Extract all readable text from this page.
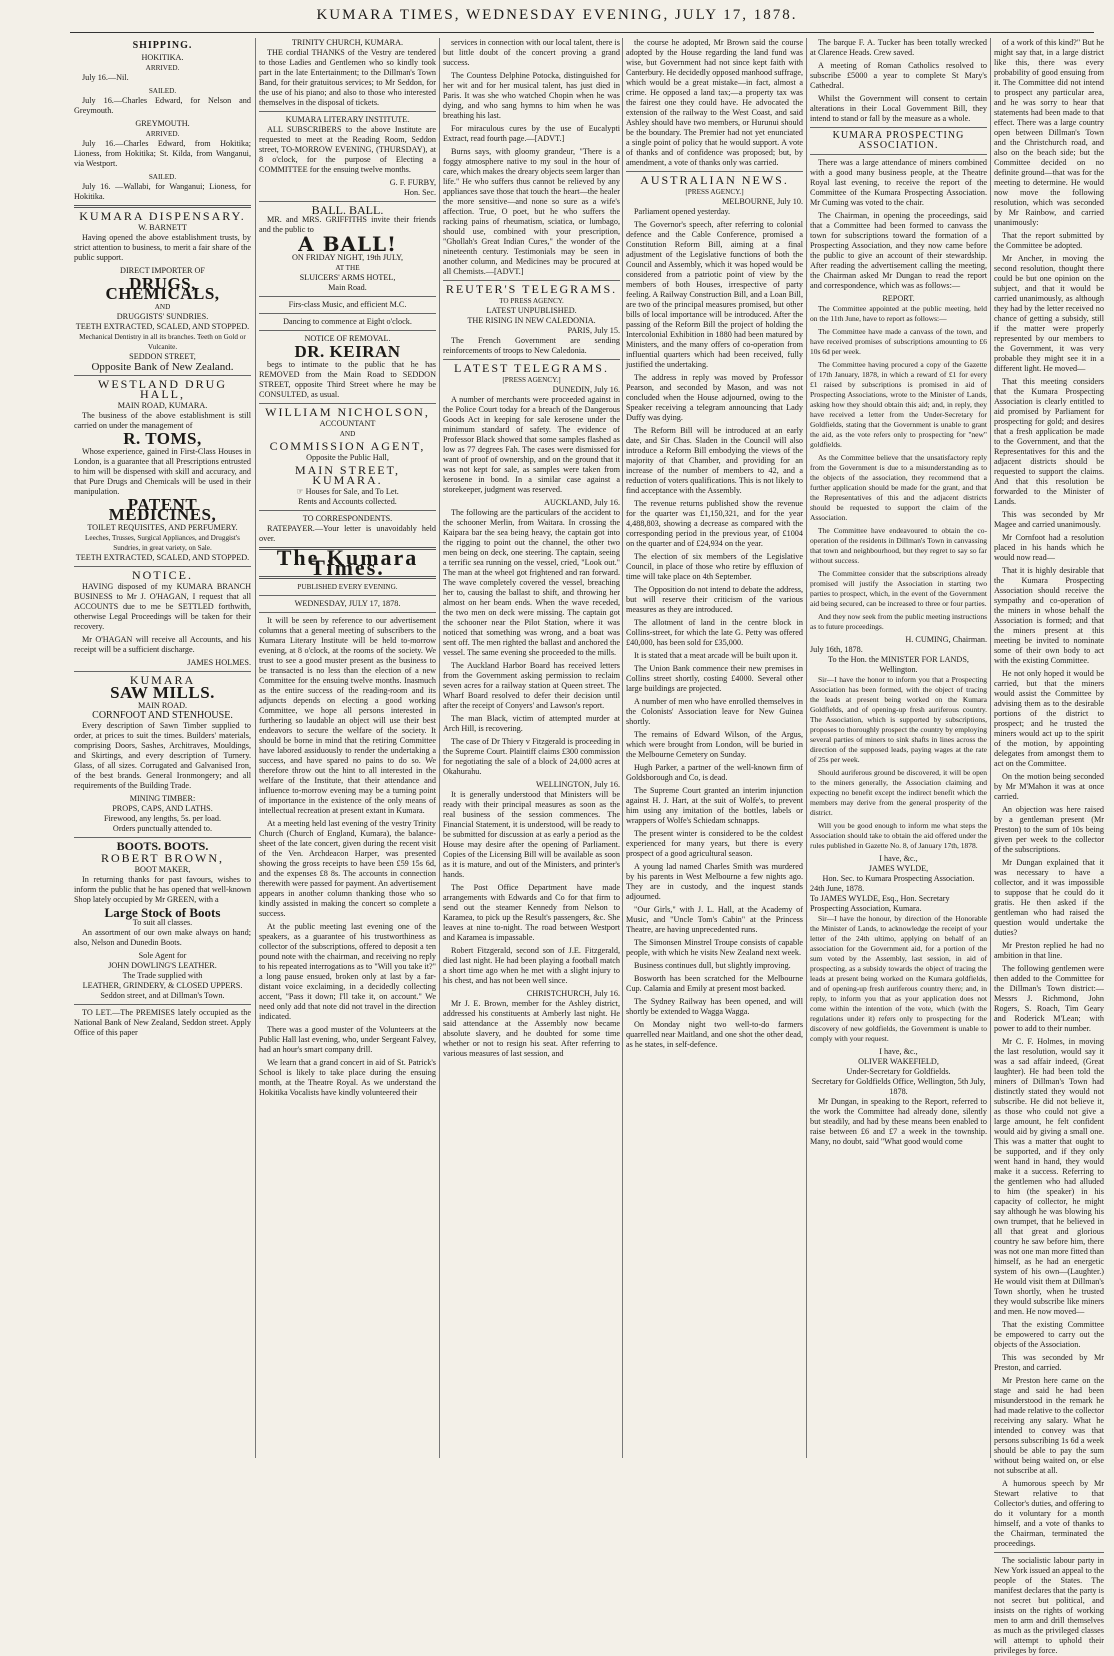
KUMARA TIMES, WEDNESDAY EVENING, JULY 17, 1878.
SHIPPING.
HOKITIKA.
ARRIVED.

July 16.—Nil.

SAILED.

July 16.—Charles Edward, for Nelson and Greymouth.

GREYMOUTH.
ARRIVED.

July 16.—Charles Edward, from Hokitika; Lioness, from Hokitika; St. Kilda, from Wanganui, via Westport.

SAILED.

July 16. —Wallabi, for Wanganui; Lioness, for Hokitika.

KUMARA DISPENSARY.
W. BARNETT

Having opened the above establishment trusts, by strict attention to business, to merit a fair share of the public support.

DIRECT IMPORTER OF
DRUGS, CHEMICALS,
AND
DRUGGISTS' SUNDRIES.
TEETH EXTRACTED, SCALED, AND STOPPED.
Mechanical Dentistry in all its branches. Teeth on Gold or Vulcanite.
SEDDON STREET,
Opposite Bank of New Zealand.
WESTLAND DRUG HALL,
MAIN ROAD, KUMARA.

The business of the above establishment is still carried on under the management of

R. TOMS,

Whose experience, gained in First-Class Houses in London, is a guarantee that all Prescriptions entrusted to him will be dispensed with skill and accuracy, and that Pure Drugs and Chemicals will be used in their manipulation.

PATENT MEDICINES,
TOILET REQUISITES, AND PERFUMERY.
Leeches, Trusses, Surgical Appliances, and Druggist's Sundries, in great variety, on Sale.
TEETH EXTRACTED, SCALED, AND STOPPED.
NOTICE.

HAVING disposed of my KUMARA BRANCH BUSINESS to Mr J. O'HAGAN, I request that all ACCOUNTS due to me be SETTLED forthwith, otherwise Legal Proceedings will be taken for their recovery.

Mr O'HAGAN will receive all Accounts, and his receipt will be a sufficient discharge.

JAMES HOLMES.
KUMARA
SAW MILLS.
MAIN ROAD.
CORNFOOT AND STENHOUSE.

Every description of Sawn Timber supplied to order, at prices to suit the times. Builders' materials, comprising Doors, Sashes, Architraves, Mouldings, and Skirtings, and every description of Turnery. Glass, of all sizes. Corrugated and Galvanised Iron, of the best brands. General Ironmongery; and all requirements of the Building Trade.

MINING TIMBER:
PROPS, CAPS, AND LATHS.
Firewood, any lengths, 5s. per load.
Orders punctually attended to.
BOOTS. BOOTS.
ROBERT BROWN,
BOOT MAKER,

In returning thanks for past favours, wishes to inform the public that he has opened that well-known Shop lately occupied by Mr GREEN, with a

Large Stock of Boots
To suit all classes.

An assortment of our own make always on hand; also, Nelson and Dunedin Boots.

Sole Agent for
JOHN DOWLING'S LEATHER.
The Trade supplied with
LEATHER, GRINDERY, & CLOSED UPPERS.
Seddon street, and at Dillman's Town.

TO LET.—The PREMISES lately occupied as the National Bank of New Zealand, Seddon street. Apply Office of this paper

TRINITY CHURCH, KUMARA.

THE cordial THANKS of the Vestry are tendered to those Ladies and Gentlemen who so kindly took part in the late Entertainment; to the Dillman's Town Band, for their gratuitous services; to Mr Seddon, for the use of his piano; and also to those who interested themselves in the disposal of tickets.

KUMARA LITERARY INSTITUTE.

ALL SUBSCRIBERS to the above Institute are requested to meet at the Reading Room, Seddon street, TO-MORROW EVENING, (THURSDAY), at 8 o'clock, for the purpose of Electing a COMMITTEE for the ensuing twelve months.

G. F. FURBY,
Hon. Sec.
BALL. BALL.

MR. and MRS. GRIFFITHS invite their friends and the public to

A BALL!
ON FRIDAY NIGHT, 19th JULY,
AT THE
SLUICERS' ARMS HOTEL,
Main Road.
Firs-class Music, and efficient M.C.
Dancing to commence at Eight o'clock.
NOTICE OF REMOVAL.
DR. KEIRAN

begs to intimate to the public that he has REMOVED from the Main Road to SEDDON STREET, opposite Third Street where he may be CONSULTED, as usual.

WILLIAM NICHOLSON,
ACCOUNTANT
AND
COMMISSION AGENT,
Opposite the Public Hall,
MAIN STREET, KUMARA.
☞ Houses for Sale, and To Let.
Rents and Accounts collected.
TO CORRESPONDENTS.

RATEPAYER.—Your letter is unavoidably held over.

The Kumara Times.
PUBLISHED EVERY EVENING.
WEDNESDAY, JULY 17, 1878.

It will be seen by reference to our advertisement columns that a general meeting of subscribers to the Kumara Literary Institute will be held to-morrow evening, at 8 o'clock, at the rooms of the society. We trust to see a good muster present as the business to be transacted is no less than the election of a new Committee for the ensuing twelve months. Inasmuch as the entire success of the reading-room and its adjuncts depends on electing a good working Committee, we hope all persons interested in furthering so laudable an object will use their best endeavors to secure the welfare of the society. It should be borne in mind that the retiring Committee have labored assiduously to render the undertaking a success, and have spared no pains to do so. We therefore throw out the hint to all interested in the welfare of the Institute, that their attendance and influence to-morrow evening may be a turning point of importance in the existence of the only means of intellectual recreation at present extant in Kumara.

At a meeting held last evening of the vestry Trinity Church (Church of England, Kumara), the balance-sheet of the late concert, given during the recent visit of the Ven. Archdeacon Harper, was presented showing the gross receipts to have been £59 15s 6d, and the expenses £8 8s. The accounts in connection therewith were passed for payment. An advertisement appears in another column thanking those who so kindly assisted in making the concert so complete a success.

At the public meeting last evening one of the speakers, as a guarantee of his trustworthiness as collector of the subscriptions, offered to deposit a ten pound note with the chairman, and receiving no reply to his repeated interrogations as to "Will you take it?" a long pause ensued, broken only at last by a far-distant voice exclaiming, in a decidedly collecting accent, "Pass it down; I'll take it, on account." We need only add that note did not travel in the direction indicated.

There was a good muster of the Volunteers at the Public Hall last evening, who, under Sergeant Falvey, had an hour's smart company drill.

We learn that a grand concert in aid of St. Patrick's School is likely to take place during the ensuing month, at the Theatre Royal. As we understand the Hokitika Vocalists have kindly volunteered their

services in connection with our local talent, there is but little doubt of the concert proving a grand success.

The Countess Delphine Potocka, distinguished for her wit and for her musical talent, has just died in Paris. It was she who watched Chopin when he was dying, and who sang hymns to him when he was breathing his last.

For miraculous cures by the use of Eucalypti Extract, read fourth page.—[ADVT.]

Burns says, with gloomy grandeur, "There is a foggy atmosphere native to my soul in the hour of care, which makes the dreary objects seem larger than life." He who suffers thus cannot be relieved by any appliances save those that touch the heart—the healer the more sensitive—and none so sure as a wife's affection. True, O poet, but he who suffers the racking pains of rheumatism, sciatica, or lumbago, should use, combined with your prescription, "Ghollah's Great Indian Cures," the wonder of the nineteenth century. Testimonials may be seen in another column, and Medicines may be procured at all Chemists.—[ADVT.]

REUTER'S TELEGRAMS.
TO PRESS AGENCY.
LATEST UNPUBLISHED.
THE RISING IN NEW CALEDONIA.
PARIS, July 15.

The French Government are sending reinforcements of troops to New Caledonia.

LATEST TELEGRAMS.
[PRESS AGENCY.]
DUNEDIN, July 16.

A number of merchants were proceeded against in the Police Court today for a breach of the Dangerous Goods Act in keeping for sale kerosene under the minimum standard of safety. The evidence of Professor Black showed that some samples flashed as low as 77 degrees Fah. The cases were dismissed for want of proof of ownership, and on the ground that it was not kept for sale, as samples were taken from kerosene in bond. In a similar case against a storekeeper, judgment was reserved.

AUCKLAND, July 16.

The following are the particulars of the accident to the schooner Merlin, from Waitara. In crossing the Kaipara bar the sea being heavy, the captain got into the rigging to point out the channel, the other two men being on deck, one steering. The captain, seeing a terrific sea running on the vessel, cried, "Look out." The man at the wheel got frightened and ran forward. The wave completely covered the vessel, breaching her to, causing the ballast to shift, and throwing her almost on her beam ends. When the wave receded, the two men on deck were missing. The captain got the schooner near the Pilot Station, where it was noticed that something was wrong, and a boat was sent off. The men righted the ballast and anchored the vessel. The same evening she proceeded to the mills.

The Auckland Harbor Board has received letters from the Government asking permission to reclaim seven acres for a railway station at Queen street. The Wharf Board resolved to defer their decision until after the receipt of Conyers' and Lawson's report.

The man Black, victim of attempted murder at Arch Hill, is recovering.

The case of Dr Thiery v Fitzgerald is proceeding in the Supreme Court. Plaintiff claims £300 commission for negotiating the sale of a block of 24,000 acres at Okahurahu.

WELLINGTON, July 16.

It is generally understood that Ministers will be ready with their principal measures as soon as the real business of the session commences. The Financial Statement, it is understood, will be ready to be submitted for discussion at as early a period as the House may desire after the opening of Parliament. Copies of the Licensing Bill will be available as soon as it is mature, and out of the Ministers, and printer's hands.

The Post Office Department have made arrangements with Edwards and Co for that firm to send out the steamer Kennedy from Nelson to Karamea, to pick up the Result's passengers, &c. She leaves at nine to-night. The road between Westport and Karamea is impassable.

Robert Fitzgerald, second son of J.E. Fitzgerald, died last night. He had been playing a football match a short time ago when he met with a slight injury to his chest, and has not been well since.

CHRISTCHURCH, July 16.

Mr J. E. Brown, member for the Ashley district, addressed his constituents at Amberly last night. He said attendance at the Assembly now became absolute slavery, and he doubted for some time whether or not to resign his seat. After referring to various measures of last session, and

the course he adopted, Mr Brown said the course adopted by the House regarding the land fund was wise, but Government had not since kept faith with Canterbury. He decidedly opposed manhood suffrage, which would be a great mistake—in fact, almost a crime. He opposed a land tax;—a property tax was the fairest one they could have. He advocated the extension of the railway to the West Coast, and said Ashley should have two members, or Hurunui should be the boundary. The Premier had not yet enunciated a single point of policy that he would support. A vote of thanks and of confidence was proposed; but, by amendment, a vote of thanks only was carried.

AUSTRALIAN NEWS.
[PRESS AGENCY.]
MELBOURNE, July 10.

Parliament opened yesterday.

The Governor's speech, after referring to colonial defence and the Cable Conference, promised a Constitution Reform Bill, aiming at a final adjustment of the Legislative functions of both the Council and Assembly, which it was hoped would be considered from a patriotic point of view by the members of both Houses, irrespective of party feeling. A Railway Construction Bill, and a Loan Bill, are two of the principal measures promised, but other bills of local importance will be introduced. After the passing of the Reform Bill the project of holding the Intercolonial Exhibition in 1880 had been matured by Ministers, and the many offers of co-operation from influential quarters which had been received, fully justified the undertaking.

The address in reply was moved by Professor Pearson, and seconded by Mason, and was not concluded when the House adjourned, owing to the Speaker receiving a telegram announcing that Lady Duffy was dying.

The Reform Bill will be introduced at an early date, and Sir Chas. Sladen in the Council will also introduce a Reform Bill embodying the views of the majority of that Chamber, and providing for an increase of the number of members to 42, and a reduction of voters qualifications. This is not likely to find acceptance with the Assembly.

The revenue returns published show the revenue for the quarter was £1,150,321, and for the year 4,488,803, showing a decrease as compared with the corresponding period in the previous year, of £1004 on the quarter and of £24,934 on the year.

The election of six members of the Legislative Council, in place of those who retire by effluxion of time will take place on 4th September.

The Opposition do not intend to debate the address, but will reserve their criticism of the various measures as they are introduced.

The allotment of land in the centre block in Collins-street, for which the late G. Petty was offered £40,000, has been sold for £35,000.

It is stated that a meat arcade will be built upon it.

The Union Bank commence their new premises in Collins street shortly, costing £4000. Several other large buildings are projected.

A number of men who have enrolled themselves in the Colonists' Association leave for New Guinea shortly.

The remains of Edward Wilson, of the Argus, which were brought from London, will be buried in the Melbourne Cemetery on Sunday.

Hugh Parker, a partner of the well-known firm of Goldsborough and Co, is dead.

The Supreme Court granted an interim injunction against H. J. Hart, at the suit of Wolfe's, to prevent him using any imitation of the bottles, labels or wrappers of Wolfe's Schiedam schnapps.

The present winter is considered to be the coldest experienced for many years, but there is every prospect of a good agricultural season.

A young lad named Charles Smith was murdered by his parents in West Melbourne a few nights ago. They are in custody, and the inquest stands adjourned.

"Our Girls," with J. L. Hall, at the Academy of Music, and "Uncle Tom's Cabin" at the Princess Theatre, are having unprecedented runs.

The Simonsen Minstrel Troupe consists of capable people, with which he visits New Zealand next week.

Business continues dull, but slightly improving.

Bosworth has been scratched for the Melbourne Cup. Calamia and Emily at present most backed.

The Sydney Railway has been opened, and will shortly be extended to Wagga Wagga.

On Monday night two well-to-do farmers quarrelled near Maitland, and one shot the other dead, as he states, in self-defence.

The barque F. A. Tucker has been totally wrecked at Clarence Heads. Crew saved.

A meeting of Roman Catholics resolved to subscribe £5000 a year to complete St Mary's Cathedral.

Whilst the Government will consent to certain alterations in their Local Government Bill, they intend to stand or fall by the measure as a whole.

KUMARA PROSPECTING ASSOCIATION.

There was a large attendance of miners combined with a good many business people, at the Theatre Royal last evening, to receive the report of the Committee of the Kumara Prospecting Association. Mr Cuming was voted to the chair.

The Chairman, in opening the proceedings, said that a Committee had been formed to canvass the town for subscriptions toward the formation of a Prospecting Association, and they now came before the public to give an account of their stewardship. After reading the advertisement calling the meeting, the Chairman asked Mr Dungan to read the report and correspondence, which was as follows:—

REPORT.

The Committee appointed at the public meeting, held on the 11th June, have to report as follows:—

The Committee have made a canvass of the town, and have received promises of subscriptions amounting to £6 10s 6d per week.

The Committee having procured a copy of the Gazette of 17th January, 1878, in which a reward of £1 for every £1 raised by subscriptions is promised in aid of Prospecting Associations, wrote to the Minister of Lands, asking how they should obtain this aid; and, in reply, they have received a letter from the Under-Secretary for Goldfields, stating that the Government is unable to grant the aid, as the vote refers only to prospecting for "new" goldfields.

As the Committee believe that the unsatisfactory reply from the Government is due to a misunderstanding as to the objects of the association, they recommend that a further application should be made for the grant, and that the Representatives of this and the adjacent districts should be requested to support the claim of the Association.

The Committee have endeavoured to obtain the co-operation of the residents in Dillman's Town in canvassing that town and neighbourhood, but they regret to say so far without success.

The Committee consider that the subscriptions already promised will justify the Association in starting two parties to prospect, which, in the event of the Government aid being secured, can be increased to three or four parties.

And they now seek from the public meeting instructions as to future proceedings.

H. CUMING, Chairman.
July 16th, 1878.
To the Hon. the MINISTER FOR LANDS, Wellington.

Sir—I have the honor to inform you that a Prospecting Association has been formed, with the object of tracing the leads at present being worked on the Kumara Goldfields, and of opening-up fresh auriferous country. The Association, which is supported by subscriptions, proposes to thoroughly prospect the country by employing several parties of miners to sink shafts in lines across the direction of the supposed leads, paying wages at the rate of 25s per week.

Should auriferous ground be discovered, it will be open to the miners generally, the Association claiming and expecting no benefit except the indirect benefit which the members may derive from the general prosperity of the district.

Will you be good enough to inform me what steps the Association should take to obtain the aid offered under the rules published in Gazette No. 8, of January 17th, 1878.

I have, &c.,
JAMES WYLDE,
Hon. Sec. to Kumara Prospecting Association.
24th June, 1878.
To JAMES WYLDE, Esq., Hon. Secretary Prospecting Association, Kumara.

Sir—I have the honour, by direction of the Honorable the Minister of Lands, to acknowledge the receipt of your letter of the 24th ultimo, applying on behalf of an association for the Government aid, for a portion of the sum voted by the Assembly, last session, in aid of prospecting, as a subsidy towards the object of tracing the leads at present being worked on the Kumara goldfields, and of opening-up fresh auriferous country there; and, in reply, to inform you that as your application does not come within the intention of the vote, which (with the regulations under it) refers only to prospecting for the discovery of new goldfields, the Government is unable to comply with your request.

I have, &c.,
OLIVER WAKEFIELD,
Under-Secretary for Goldfields.
Secretary for Goldfields Office, Wellington, 5th July, 1878.

Mr Dungan, in speaking to the Report, referred to the work the Committee had already done, silently but steadily, and had by these means been enabled to raise between £6 and £7 a week in the township. Many, no doubt, said "What good would come

of a work of this kind?" But he might say that, in a large district like this, there was every probability of good ensuing from it. The Committee did not intend to prospect any particular area, and he was sorry to hear that statements had been made to that effect. There was a large country open between Dillman's Town and the Christchurch road, and also on the beach side; but the Committee decided on no definite ground—that was for the meeting to determine. He would now move the following resolution, which was seconded by Mr Rainbow, and carried unanimously:

That the report submitted by the Committee be adopted.

Mr Ancher, in moving the second resolution, thought there could be but one opinion on the subject, and that it would be carried unanimously, as although they had by the letter received no chance of getting a subsidy, still if the matter were properly represented by our members to the Government, it was very probable they might see it in a different light. He moved—

That this meeting considers that the Kumara Prospecting Association is clearly entitled to aid promised by Parliament for prospecting for gold; and desires that a fresh application be made to the Government, and that the Representatives for this and the adjacent districts should be requested to support the claims. And that this resolution be forwarded to the Minister of Lands.

This was seconded by Mr Magee and carried unanimously.

Mr Cornfoot had a resolution placed in his hands which he would now read—

That it is highly desirable that the Kumara Prospecting Association should receive the sympathy and co-operation of the miners in whose behalf the Association is formed; and that the miners present at this meeting be invited to nominate some of their own body to act with the existing Committee.

He not only hoped it would be carried, but that the miners would assist the Committee by advising them as to the desirable portions of the district to prospect; and he trusted the miners would act up to the spirit of the motion, by appointing delegates from amongst them to act on the Committee.

On the motion being seconded by Mr M'Mahon it was at once carried.

An objection was here raised by a gentleman present (Mr Preston) to the sum of 10s being given per week to the collector of the subscriptions.

Mr Dungan explained that it was necessary to have a collector, and it was impossible to suppose that he could do it gratis. He then asked if the gentleman who had raised the question would undertake the duties?

Mr Preston replied he had no ambition in that line.

The following gentlemen were then added to the Committee for the Dillman's Town district:—Messrs J. Richmond, John Rogers, S. Roach, Tim Geary and Roderick M'Lean; with power to add to their number.

Mr C. F. Holmes, in moving the last resolution, would say it was a sad affair indeed, (Great laughter). He had been told the miners of Dillman's Town had distinctly stated they would not subscribe. He did not believe it, as those who could not give a large amount, he felt confident would aid by giving a small one. This was a matter that ought to be supported, and if they only went hand in hand, they would make it a success. Referring to the gentlemen who had alluded to him (the speaker) in his capacity of collector, he might say although he was blowing his own trumpet, that he believed in all that great and glorious country he saw before him, there was not one man more fitted than himself, as he had an energetic system of his own—(Laughter.) He would visit them at Dillman's Town shortly, when he trusted they would subscribe like miners and men. He now moved—

That the existing Committee be empowered to carry out the objects of the Association.

This was seconded by Mr Preston, and carried.

Mr Preston here came on the stage and said he had been misunderstood in the remark he had made relative to the collector receiving any salary. What he intended to convey was that persons subscribing 1s 6d a week should be able to pay the sum without being waited on, or else not subscribe at all.

A humorous speech by Mr Stewart relative to that Collector's duties, and offering to do it voluntary for a month himself, and a vote of thanks to the Chairman, terminated the proceedings.

The socialistic labour party in New York issued an appeal to the people of the States. The manifest declares that the party is not secret but political, and insists on the rights of working men to arm and drill themselves as much as the privileged classes will attempt to uphold their privileges by force.
